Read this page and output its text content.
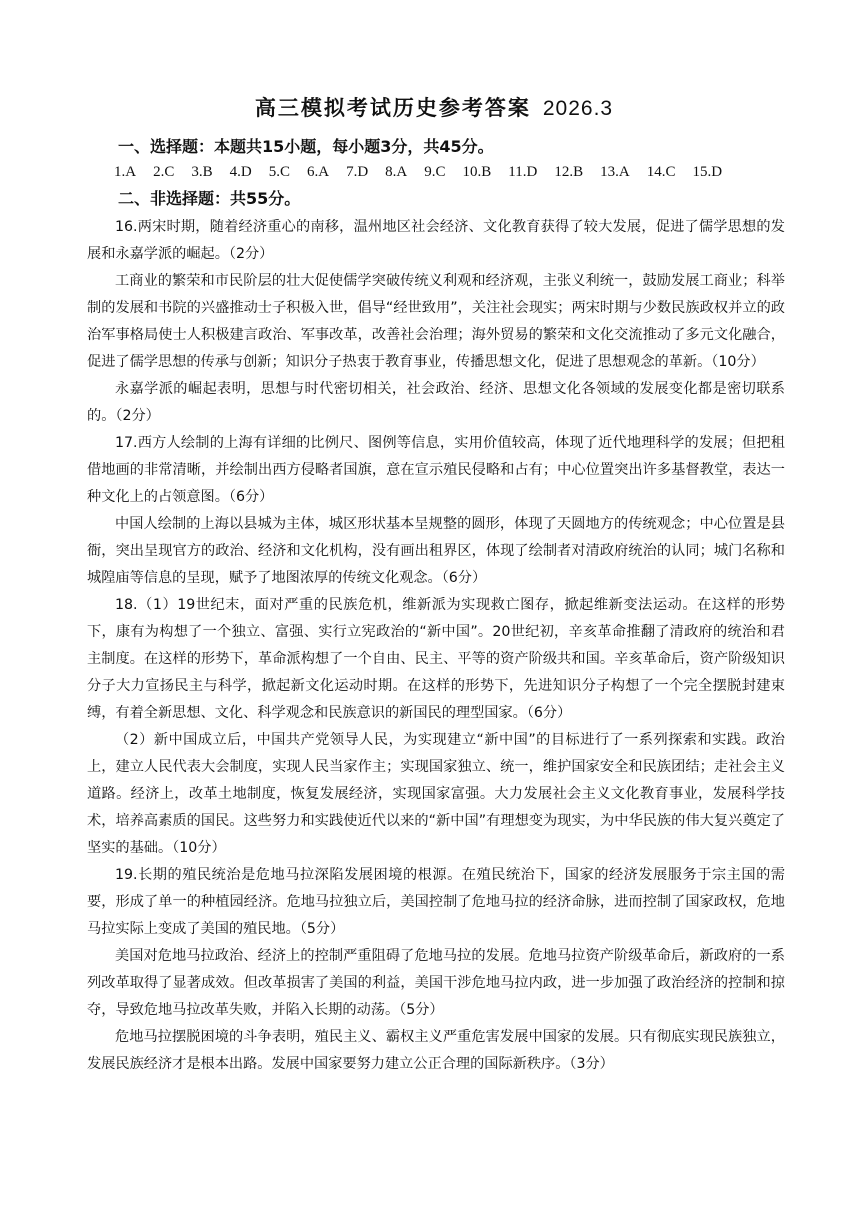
高三模拟考试历史参考答案 2026.3
一、选择题：本题共15小题，每小题3分，共45分。
1.A 2.C 3.B 4.D 5.C 6.A 7.D 8.A 9.C 10.B 11.D 12.B 13.A 14.C 15.D
二、非选择题：共55分。

16.两宋时期，随着经济重心的南移，温州地区社会经济、文化教育获得了较大发展，促进了儒学思想的发展和永嘉学派的崛起。（2分）

工商业的繁荣和市民阶层的壮大促使儒学突破传统义利观和经济观，主张义利统一，鼓励发展工商业；科举制的发展和书院的兴盛推动士子积极入世，倡导“经世致用”，关注社会现实；两宋时期与少数民族政权并立的政治军事格局使士人积极建言政治、军事改革，改善社会治理；海外贸易的繁荣和文化交流推动了多元文化融合，促进了儒学思想的传承与创新；知识分子热衷于教育事业，传播思想文化，促进了思想观念的革新。（10分）

永嘉学派的崛起表明，思想与时代密切相关，社会政治、经济、思想文化各领域的发展变化都是密切联系的。（2分）

17.西方人绘制的上海有详细的比例尺、图例等信息，实用价值较高，体现了近代地理科学的发展；但把租借地画的非常清晰，并绘制出西方侵略者国旗，意在宣示殖民侵略和占有；中心位置突出许多基督教堂，表达一种文化上的占领意图。（6分）

中国人绘制的上海以县城为主体，城区形状基本呈规整的圆形，体现了天圆地方的传统观念；中心位置是县衙，突出呈现官方的政治、经济和文化机构，没有画出租界区，体现了绘制者对清政府统治的认同；城门名称和城隍庙等信息的呈现，赋予了地图浓厚的传统文化观念。（6分）

18.（1）19世纪末，面对严重的民族危机，维新派为实现救亡图存，掀起维新变法运动。在这样的形势下，康有为构想了一个独立、富强、实行立宪政治的“新中国”。20世纪初，辛亥革命推翻了清政府的统治和君主制度。在这样的形势下，革命派构想了一个自由、民主、平等的资产阶级共和国。辛亥革命后，资产阶级知识分子大力宣扬民主与科学，掀起新文化运动时期。在这样的形势下，先进知识分子构想了一个完全摆脱封建束缚，有着全新思想、文化、科学观念和民族意识的新国民的理型国家。（6分）

（2）新中国成立后，中国共产党领导人民，为实现建立“新中国”的目标进行了一系列探索和实践。政治上，建立人民代表大会制度，实现人民当家作主；实现国家独立、统一，维护国家安全和民族团结；走社会主义道路。经济上，改革土地制度，恢复发展经济，实现国家富强。大力发展社会主义文化教育事业，发展科学技术，培养高素质的国民。这些努力和实践使近代以来的“新中国”有理想变为现实，为中华民族的伟大复兴奠定了坚实的基础。（10分）

19.长期的殖民统治是危地马拉深陷发展困境的根源。在殖民统治下，国家的经济发展服务于宗主国的需要，形成了单一的种植园经济。危地马拉独立后，美国控制了危地马拉的经济命脉，进而控制了国家政权，危地马拉实际上变成了美国的殖民地。（5分）

美国对危地马拉政治、经济上的控制严重阻碍了危地马拉的发展。危地马拉资产阶级革命后，新政府的一系列改革取得了显著成效。但改革损害了美国的利益，美国干涉危地马拉内政，进一步加强了政治经济的控制和掠夺，导致危地马拉改革失败，并陷入长期的动荡。（5分）

危地马拉摆脱困境的斗争表明，殖民主义、霸权主义严重危害发展中国家的发展。只有彻底实现民族独立，发展民族经济才是根本出路。发展中国家要努力建立公正合理的国际新秩序。（3分）
